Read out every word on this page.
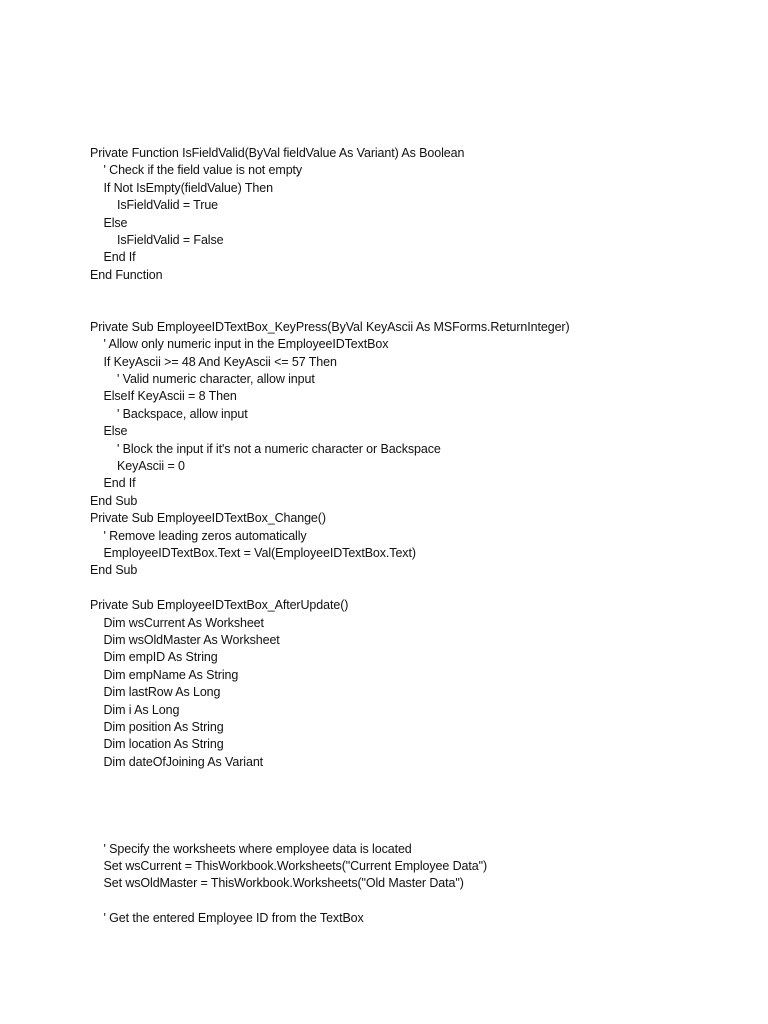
Private Function IsFieldValid(ByVal fieldValue As Variant) As Boolean
' Check if the field value is not empty
If Not IsEmpty(fieldValue) Then
IsFieldValid = True
Else
IsFieldValid = False
End If
End Function
Private Sub EmployeeIDTextBox_KeyPress(ByVal KeyAscii As MSForms.ReturnInteger)
' Allow only numeric input in the EmployeeIDTextBox
If KeyAscii >= 48 And KeyAscii <= 57 Then
' Valid numeric character, allow input
ElseIf KeyAscii = 8 Then
' Backspace, allow input
Else
' Block the input if it's not a numeric character or Backspace
KeyAscii = 0
End If
End Sub
Private Sub EmployeeIDTextBox_Change()
' Remove leading zeros automatically
EmployeeIDTextBox.Text = Val(EmployeeIDTextBox.Text)
End Sub
Private Sub EmployeeIDTextBox_AfterUpdate()
Dim wsCurrent As Worksheet
Dim wsOldMaster As Worksheet
Dim empID As String
Dim empName As String
Dim lastRow As Long
Dim i As Long
Dim position As String
Dim location As String
Dim dateOfJoining As Variant
' Specify the worksheets where employee data is located
Set wsCurrent = ThisWorkbook.Worksheets("Current Employee Data")
Set wsOldMaster = ThisWorkbook.Worksheets("Old Master Data")
' Get the entered Employee ID from the TextBox
